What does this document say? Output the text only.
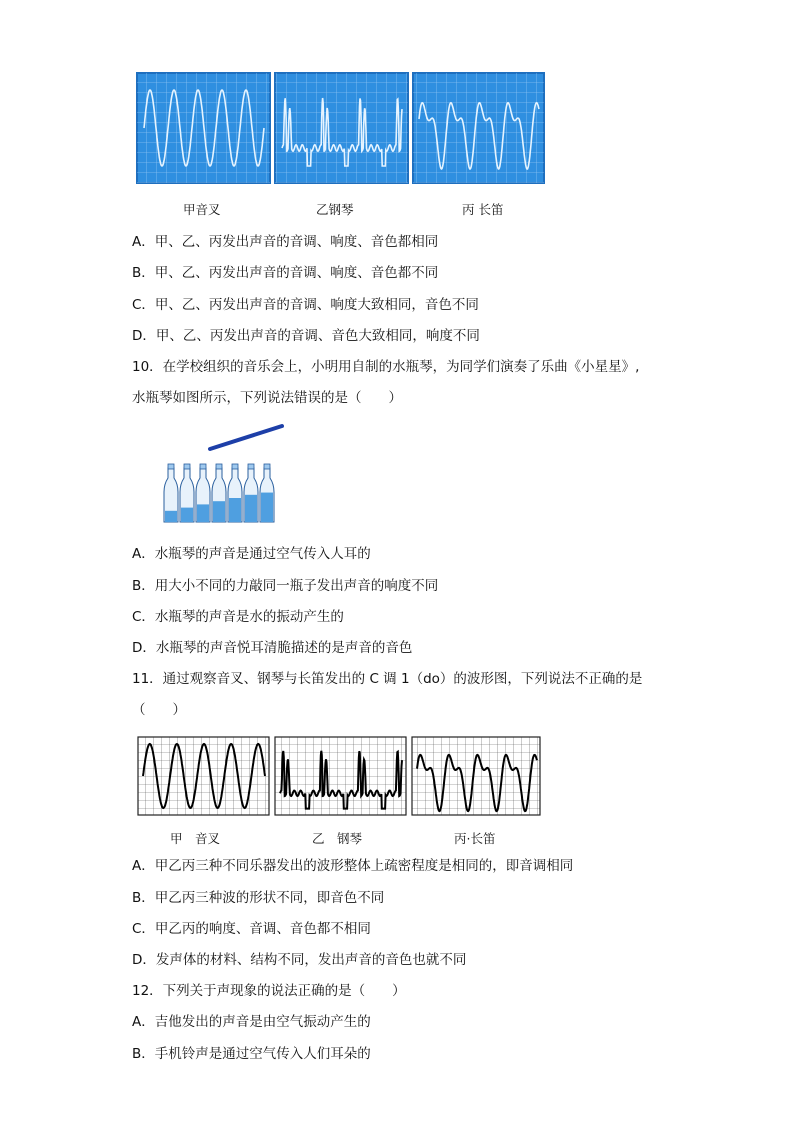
甲音叉	乙钢琴	丙 长笛
A．甲、乙、丙发出声音的音调、响度、音色都相同
B．甲、乙、丙发出声音的音调、响度、音色都不同
C．甲、乙、丙发出声音的音调、响度大致相同，音色不同
D．甲、乙、丙发出声音的音调、音色大致相同，响度不同
10．在学校组织的音乐会上，小明用自制的水瓶琴，为同学们演奏了乐曲《小星星》,
水瓶琴如图所示，下列说法错误的是（　　）
A．水瓶琴的声音是通过空气传入人耳的
B．用大小不同的力敲同一瓶子发出声音的响度不同
C．水瓶琴的声音是水的振动产生的
D．水瓶琴的声音悦耳清脆描述的是声音的音色
11．通过观察音叉、钢琴与长笛发出的 C 调 1（do）的波形图，下列说法不正确的是
（　　）
甲　音叉	乙　钢琴	丙·长笛
A．甲乙丙三种不同乐器发出的波形整体上疏密程度是相同的，即音调相同
B．甲乙丙三种波的形状不同，即音色不同
C．甲乙丙的响度、音调、音色都不相同
D．发声体的材料、结构不同，发出声音的音色也就不同
12．下列关于声现象的说法正确的是（　　）
A．吉他发出的声音是由空气振动产生的
B．手机铃声是通过空气传入人们耳朵的
